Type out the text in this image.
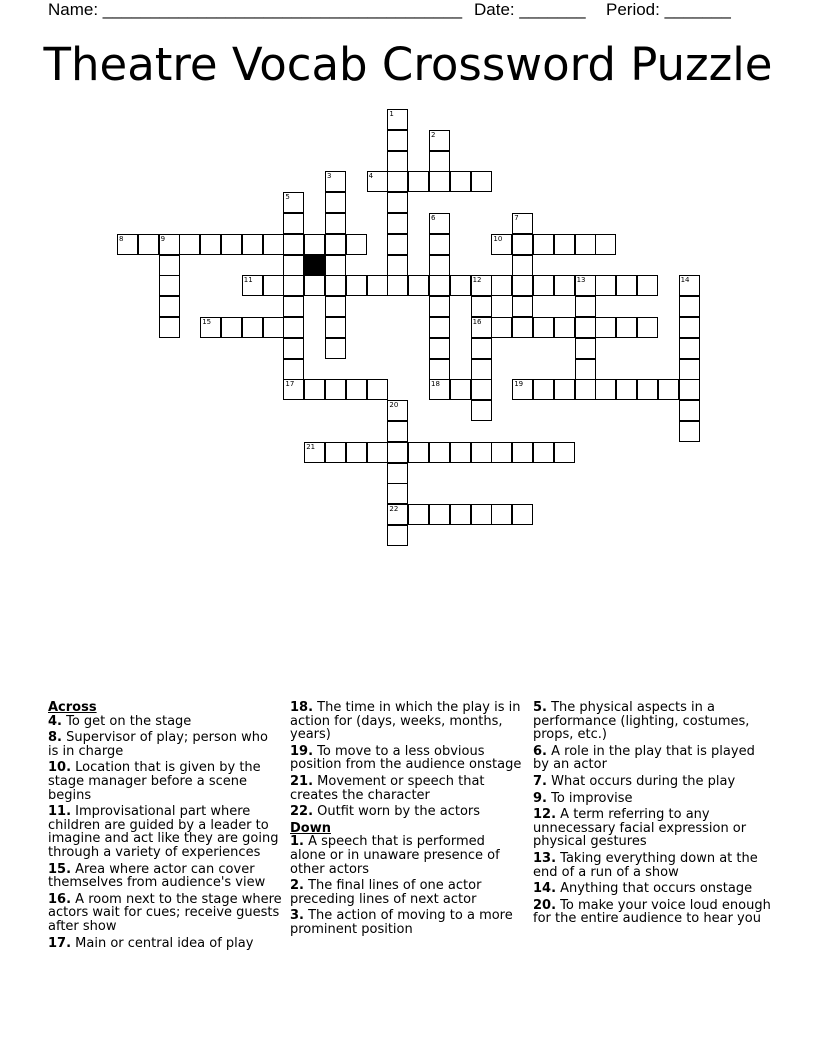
Name: ______________________________________ Date: _______ Period: _______
Theatre Vocab Crossword Puzzle
1
2
3	4
5
6	7
8	9	10
11	12	13	14
15	16
17	18	19
20
21
22
Across
4. To get on the stage
8. Supervisor of play; person who is in charge
10. Location that is given by the stage manager before a scene begins
11. Improvisational part where children are guided by a leader to imagine and act like they are going through a variety of experiences
15. Area where actor can cover themselves from audience's view
16. A room next to the stage where actors wait for cues; receive guests after show
17. Main or central idea of play
18. The time in which the play is in action for (days, weeks, months, years)
19. To move to a less obvious position from the audience onstage
21. Movement or speech that creates the character
22. Outfit worn by the actors
Down
1. A speech that is performed alone or in unaware presence of other actors
2. The final lines of one actor preceding lines of next actor
3. The action of moving to a more prominent position
5. The physical aspects in a performance (lighting, costumes, props, etc.)
6. A role in the play that is played by an actor
7. What occurs during the play
9. To improvise
12. A term referring to any unnecessary facial expression or physical gestures
13. Taking everything down at the end of a run of a show
14. Anything that occurs onstage
20. To make your voice loud enough for the entire audience to hear you
